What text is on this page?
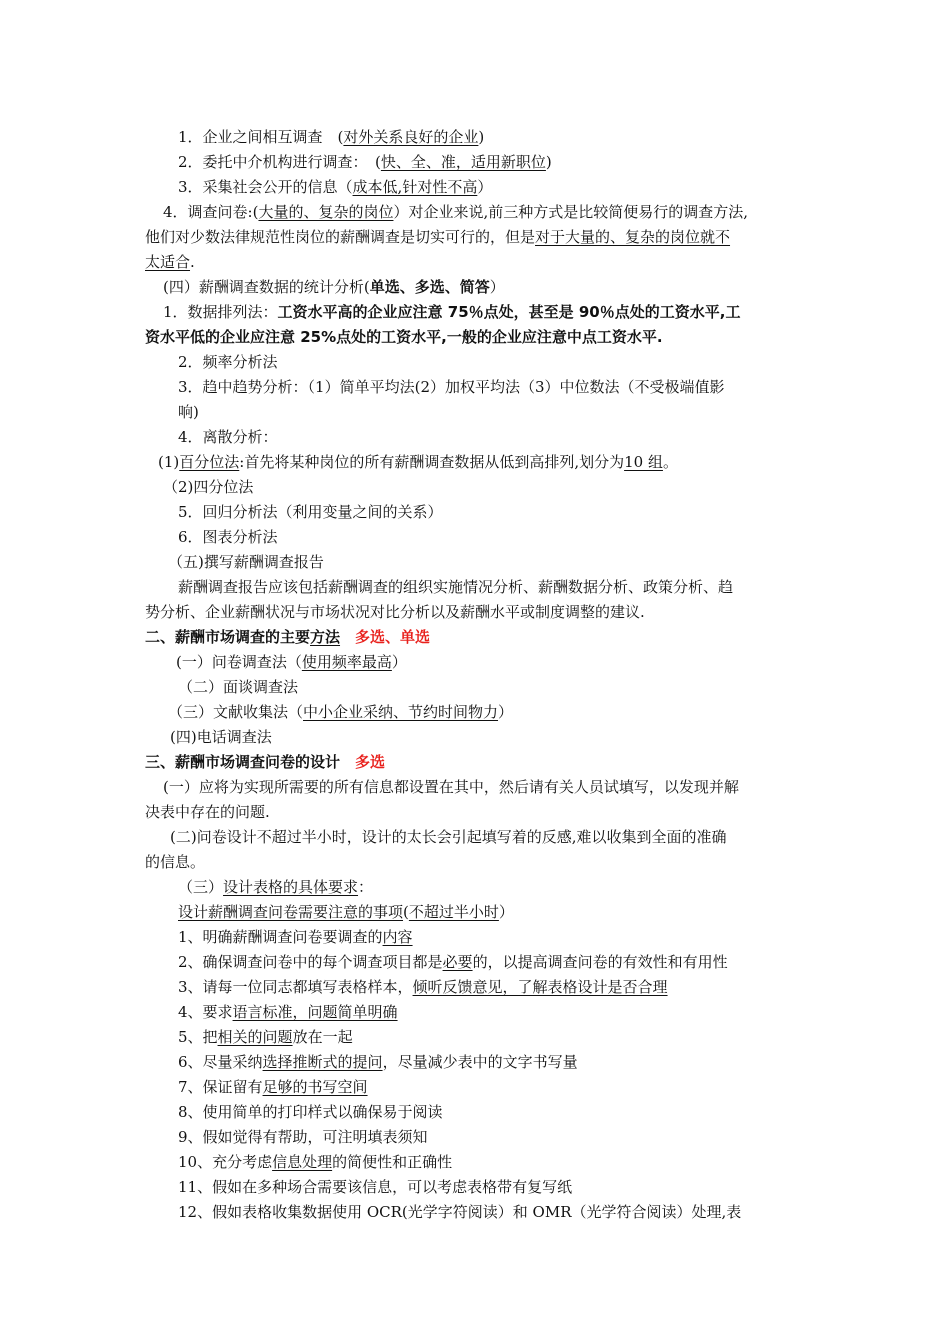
1．企业之间相互调查　(对外关系良好的企业)
2．委托中介机构进行调查：　(快、全、准，适用新职位)
3．采集社会公开的信息（成本低,针对性不高）
4．调查问卷:(大量的、复杂的岗位）对企业来说,前三种方式是比较简便易行的调查方法,
他们对少数法律规范性岗位的薪酬调查是切实可行的，但是对于大量的、复杂的岗位就不
太适合.
(四）薪酬调查数据的统计分析(单选、多选、简答）
1．数据排列法：工资水平高的企业应注意 75％点处，甚至是 90％点处的工资水平,工
资水平低的企业应注意 25%点处的工资水平,一般的企业应注意中点工资水平.
2．频率分析法
3．趋中趋势分析：（1）简单平均法(2）加权平均法（3）中位数法（不受极端值影
响)
4．离散分析：
(1)百分位法:首先将某种岗位的所有薪酬调查数据从低到高排列,划分为10 组。
（2)四分位法
5．回归分析法（利用变量之间的关系）
6．图表分析法
（五)撰写薪酬调查报告
薪酬调查报告应该包括薪酬调查的组织实施情况分析、薪酬数据分析、政策分析、趋
势分析、企业薪酬状况与市场状况对比分析以及薪酬水平或制度调整的建议.
二、薪酬市场调查的主要方法　多选、单选
(一）问卷调查法（使用频率最高）
（二）面谈调查法
（三）文献收集法（中小企业采纳、节约时间物力）
(四)电话调查法
三、薪酬市场调查问卷的设计　多选
(一）应将为实现所需要的所有信息都设置在其中，然后请有关人员试填写，以发现并解
决表中存在的问题.
(二)问卷设计不超过半小时，设计的太长会引起填写着的反感,难以收集到全面的准确
的信息。
（三）设计表格的具体要求：
设计薪酬调查问卷需要注意的事项(不超过半小时）
1、明确薪酬调查问卷要调查的内容
2、确保调查问卷中的每个调查项目都是必要的，以提高调查问卷的有效性和有用性
3、请每一位同志都填写表格样本，倾听反馈意见，了解表格设计是否合理
4、要求语言标准，问题简单明确
5、把相关的问题放在一起
6、尽量采纳选择推断式的提问，尽量减少表中的文字书写量
7、保证留有足够的书写空间
8、使用简单的打印样式以确保易于阅读
9、假如觉得有帮助，可注明填表须知
10、充分考虑信息处理的简便性和正确性
11、假如在多种场合需要该信息，可以考虑表格带有复写纸
12、假如表格收集数据使用 OCR(光学字符阅读）和 OMR（光学符合阅读）处理,表
